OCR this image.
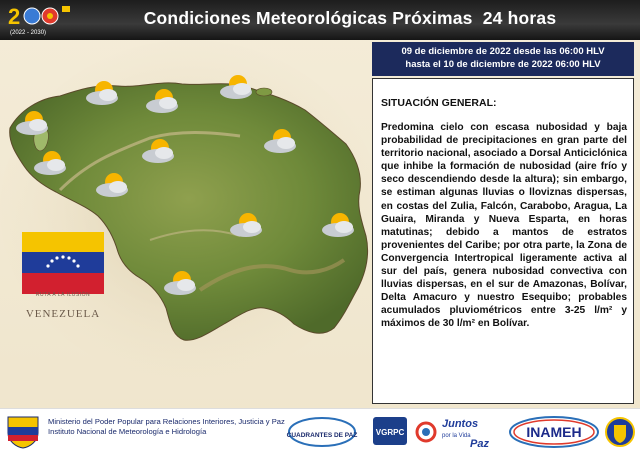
2
(2022 - 2030)
Condiciones Meteorológicas Próximas  24 horas
RUTA A LA ILUSIÓN
VENEZUELA
09 de diciembre de 2022 desde las 06:00 HLV
hasta el 10 de diciembre de 2022 06:00 HLV
SITUACIÓN GENERAL:
Predomina cielo con escasa nubosidad y baja probabilidad de precipitaciones en gran parte del territorio nacional, asociado a Dorsal Anticiclónica que inhibe la formación de nubosidad (aire frío y seco descendiendo desde la altura); sin embargo, se estiman algunas lluvias o lloviznas dispersas, en costas del Zulia, Falcón, Carabobo, Aragua, La Guaira, Miranda y Nueva Esparta, en horas matutinas; debido a mantos de estratos provenientes del Caribe; por otra parte, la Zona de Convergencia Intertropical ligeramente activa al sur del país, genera nubosidad convectiva con lluvias dispersas, en el sur de Amazonas, Bolívar, Delta Amacuro y nuestro Esequibo; probables acumulados pluviométricos entre 3-25 l/m² y máximos de 30 l/m² en Bolívar.
Ministerio del Poder Popular para Relaciones Interiores, Justicia y Paz
Instituto Nacional de Meteorología e Hidrología	CUADRANTES DE PAZ VGRPC
Juntos
por la Vida
Paz
INAMEH
